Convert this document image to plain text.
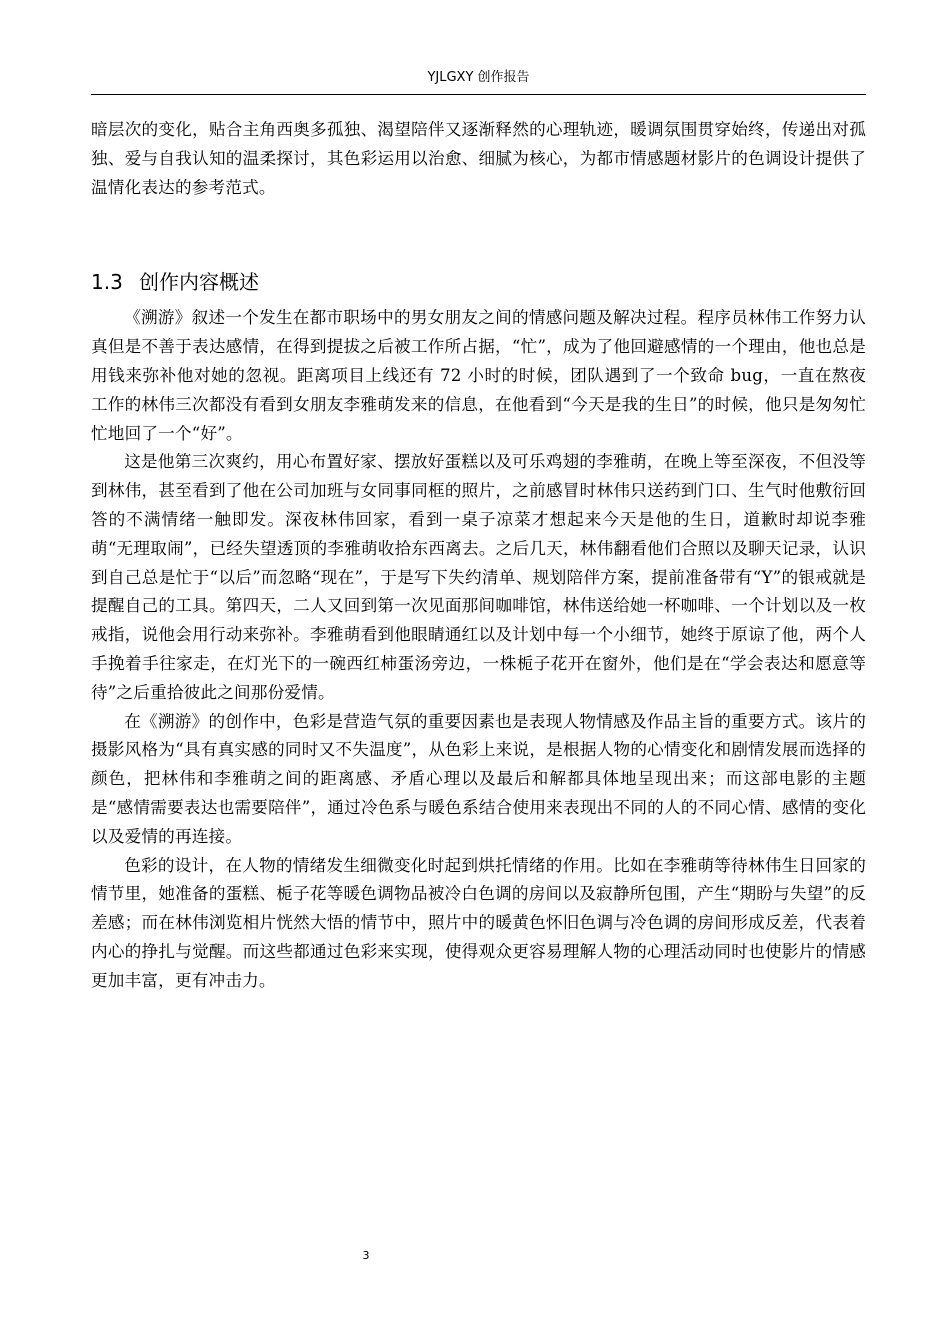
YJLGXY 创作报告

暗层次的变化，贴合主角西奥多孤独、渴望陪伴又逐渐释然的心理轨迹，暖调氛围贯穿始终，传递出对孤独、爱与自我认知的温柔探讨，其色彩运用以治愈、细腻为核心，为都市情感题材影片的色调设计提供了温情化表达的参考范式。

1.3 创作内容概述

《溯游》叙述一个发生在都市职场中的男女朋友之间的情感问题及解决过程。程序员林伟工作努力认真但是不善于表达感情，在得到提拔之后被工作所占据，“忙”，成为了他回避感情的一个理由，他也总是用钱来弥补他对她的忽视。距离项目上线还有 72 小时的时候，团队遇到了一个致命 bug，一直在熬夜工作的林伟三次都没有看到女朋友李雅萌发来的信息，在他看到“今天是我的生日”的时候，他只是匆匆忙忙地回了一个“好”。

这是他第三次爽约，用心布置好家、摆放好蛋糕以及可乐鸡翅的李雅萌，在晚上等至深夜，不但没等到林伟，甚至看到了他在公司加班与女同事同框的照片，之前感冒时林伟只送药到门口、生气时他敷衍回答的不满情绪一触即发。深夜林伟回家，看到一桌子凉菜才想起来今天是他的生日，道歉时却说李雅萌“无理取闹”，已经失望透顶的李雅萌收拾东西离去。之后几天，林伟翻看他们合照以及聊天记录，认识到自己总是忙于“以后”而忽略“现在”，于是写下失约清单、规划陪伴方案，提前准备带有“Y”的银戒就是提醒自己的工具。第四天，二人又回到第一次见面那间咖啡馆，林伟送给她一杯咖啡、一个计划以及一枚戒指，说他会用行动来弥补。李雅萌看到他眼睛通红以及计划中每一个小细节，她终于原谅了他，两个人手挽着手往家走，在灯光下的一碗西红柿蛋汤旁边，一株栀子花开在窗外，他们是在“学会表达和愿意等待”之后重拾彼此之间那份爱情。

在《溯游》的创作中，色彩是营造气氛的重要因素也是表现人物情感及作品主旨的重要方式。该片的摄影风格为“具有真实感的同时又不失温度”，从色彩上来说，是根据人物的心情变化和剧情发展而选择的颜色，把林伟和李雅萌之间的距离感、矛盾心理以及最后和解都具体地呈现出来；而这部电影的主题是“感情需要表达也需要陪伴”，通过冷色系与暖色系结合使用来表现出不同的人的不同心情、感情的变化以及爱情的再连接。

色彩的设计，在人物的情绪发生细微变化时起到烘托情绪的作用。比如在李雅萌等待林伟生日回家的情节里，她准备的蛋糕、栀子花等暖色调物品被冷白色调的房间以及寂静所包围，产生“期盼与失望”的反差感；而在林伟浏览相片恍然大悟的情节中，照片中的暖黄色怀旧色调与冷色调的房间形成反差，代表着内心的挣扎与觉醒。而这些都通过色彩来实现，使得观众更容易理解人物的心理活动同时也使影片的情感更加丰富，更有冲击力。

3
